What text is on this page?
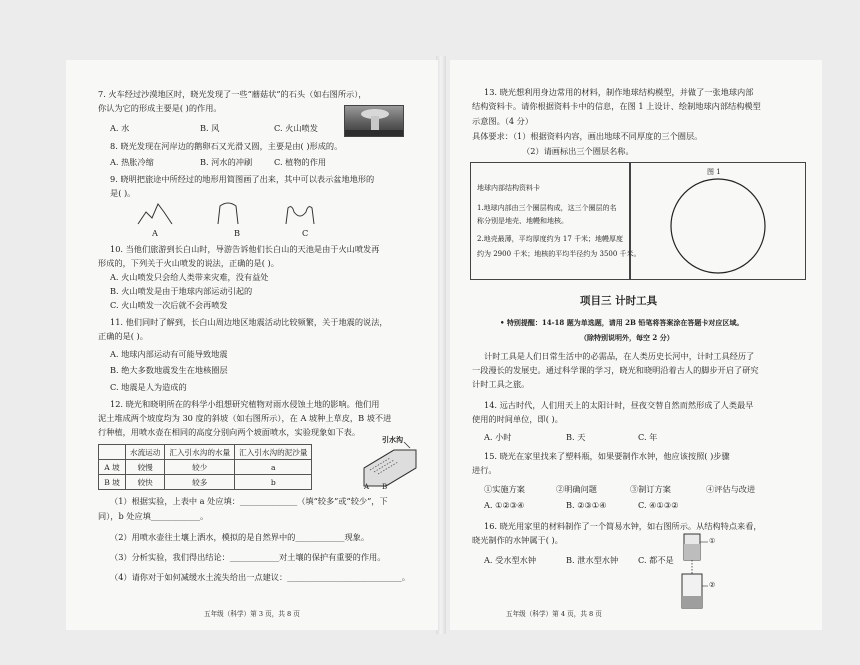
7. 火车经过沙漠地区时，晓光发现了一些“蘑菇状”的石头（如右图所示），
你认为它的形成主要是( )的作用。
A. 水	B. 风	C. 火山喷发
8. 晓光发现在河岸边的鹅卵石又光滑又圆，主要是由( )形成的。
A. 热胀冷缩	B. 河水的冲刷	C. 植物的作用
9. 晓明把旅途中所经过的地形用简图画了出来，其中可以表示盆地地形的
是( )。
A	B	C
10. 当他们旅游到长白山时，导游告诉他们长白山的天池是由于火山喷发再
形成的，下列关于火山喷发的说法，正确的是( )。
A. 火山喷发只会给人类带来灾难，没有益处
B. 火山喷发是由于地球内部运动引起的
C. 火山喷发一次后就不会再喷发
11. 他们同时了解到，长白山周边地区地震活动比较频繁，关于地震的说法，
正确的是( )。
A. 地球内部运动有可能导致地震
B. 绝大多数地震发生在地核圈层
C. 地震是人为造成的
12. 晓光和晓明所在的科学小组想研究植物对雨水侵蚀土地的影响。他们用
泥土堆成两个坡度均为 30 度的斜坡（如右图所示），在 A 坡种上草皮，B 坡不进
行种植，用喷水壶在相同的高度分别向两个坡面喷水，实验现象如下表。
	水流运动	汇入引水沟的水量	汇入引水沟的泥沙量
A 坡	较慢	较少	a
B 坡	较快	较多	b
引水沟
A B
（1）根据实验，上表中 a 处应填：______________（填“较多”或“较少”，下
同），b 处应填____________。
（2）用喷水壶往土壤上洒水，模拟的是自然界中的____________现象。
（3）分析实验，我们得出结论：____________对土壤的保护有重要的作用。
（4）请你对于如何减缓水土流失给出一点建议：____________________________。
五年级（科学）第 3 页，共 8 页
13. 晓光想利用身边常用的材料，制作地球结构模型，并做了一张地球内部
结构资料卡。请你根据资料卡中的信息，在图 1 上设计、绘制地球内部结构模型
示意图。（4 分）
具体要求：（1）根据资料内容，画出地球不同厚度的三个圈层。
（2）请画标出三个圈层名称。
地球内部结构资料卡
1.地球内部由三个圈层构成，这三个圈层的名
称分别是地壳、地幔和地核。
2.地壳最薄，平均厚度约为 17 千米；地幔厚度
约为 2900 千米；地核的平均半径约为 3500 千米。
图 1
项目三 计时工具
• 特别提醒：14-18 题为单选题，请用 2B 铅笔将答案涂在答题卡对应区域。
（除特别说明外，每空 2 分）
计时工具是人们日常生活中的必需品，在人类历史长河中，计时工具经历了
一段漫长的发展史。通过科学课的学习，晓光和晓明沿着古人的脚步开启了研究
计时工具之旅。
14. 远古时代，人们用天上的太阳计时，昼夜交替自然而然形成了人类最早
使用的时间单位，即( )。
A. 小时	B. 天	C. 年
15. 晓光在家里找来了塑料瓶，如果要制作水钟，他应该按照( )步骤
进行。
①实施方案	②明确问题	③制订方案	④评估与改进
A. ①②③④	B. ②③①④	C. ④①③②
16. 晓光用家里的材料制作了一个简易水钟，如右图所示。从结构特点来看，
晓光制作的水钟属于( )。
A. 受水型水钟	B. 泄水型水钟 C. 都不是
①
②
五年级（科学）第 4 页，共 8 页
